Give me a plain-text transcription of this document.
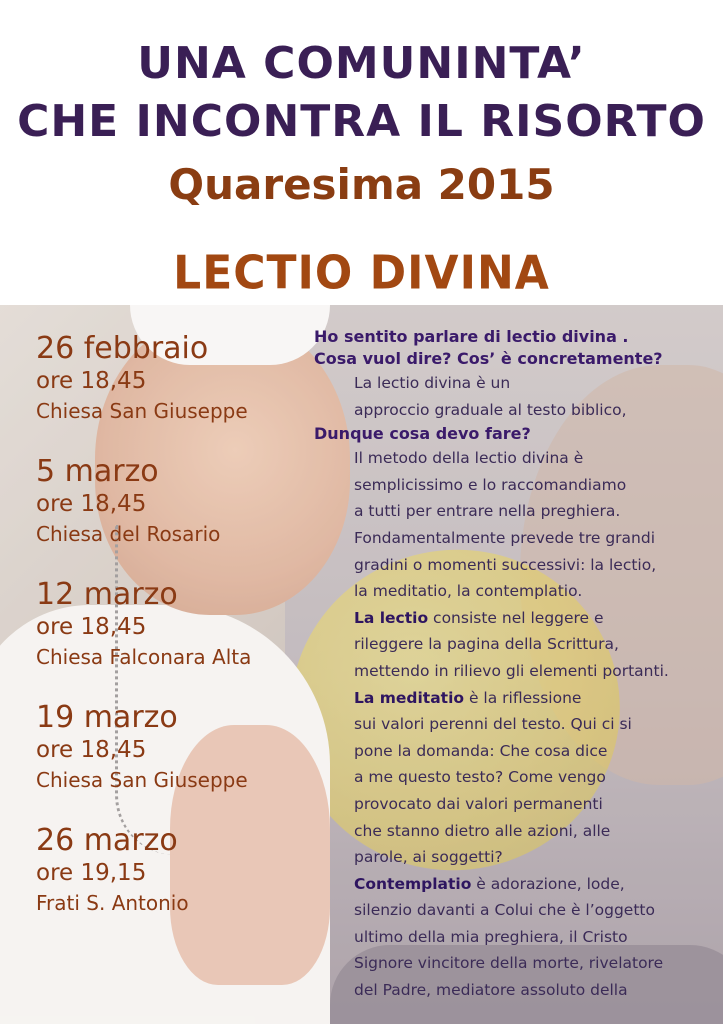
UNA COMUNINTA’
CHE INCONTRA IL RISORTO
Quaresima 2015
LECTIO DIVINA
26 febbraio
ore 18,45
Chiesa San Giuseppe
5 marzo
ore 18,45
Chiesa del Rosario
12 marzo
ore 18,45
Chiesa Falconara Alta
19 marzo
ore 18,45
Chiesa San Giuseppe
26 marzo
ore 19,15
Frati S. Antonio
Ho sentito parlare di lectio divina .
Cosa vuol dire? Cos’ è concretamente?
La lectio divina è un
approccio graduale al testo biblico,
Dunque cosa devo fare?
Il metodo della lectio divina è
semplicissimo e lo raccomandiamo
a tutti per entrare nella preghiera.
Fondamentalmente prevede tre grandi
gradini o momenti successivi: la lectio,
la meditatio, la contemplatio.
La lectio consiste nel leggere e
rileggere la pagina della Scrittura,
mettendo in rilievo gli elementi portanti.
La meditatio è la riflessione
sui valori perenni del testo. Qui ci si
pone la domanda: Che cosa dice
a me questo testo? Come vengo
provocato dai valori permanenti
che stanno dietro alle azioni, alle
parole, ai soggetti?
Contemplatio è adorazione, lode,
silenzio davanti a Colui che è l’oggetto
ultimo della mia preghiera, il Cristo
Signore vincitore della morte, rivelatore
del Padre, mediatore assoluto della
